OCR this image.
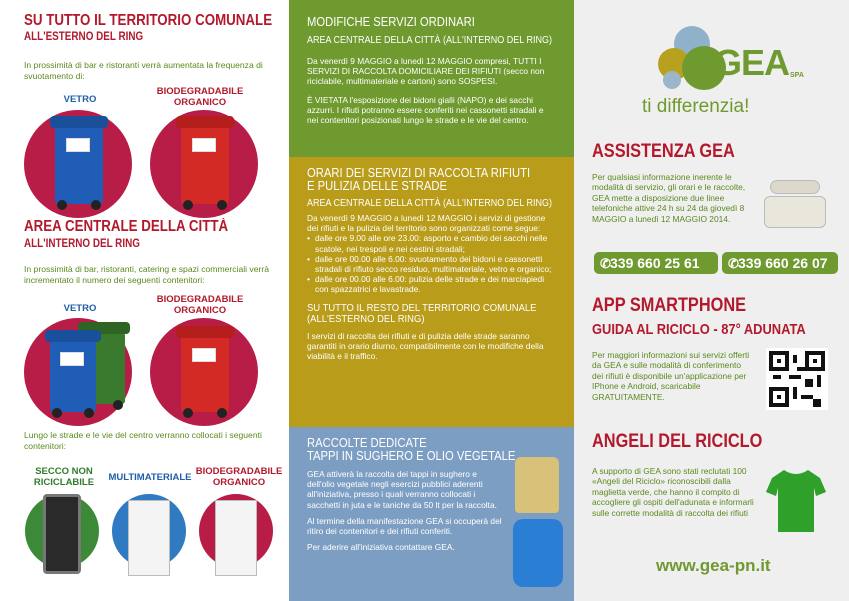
SU TUTTO IL TERRITORIO COMUNALE
ALL'ESTERNO DEL RING
In prossimità di bar e ristoranti verrà aumentata la frequenza di svuotamento di:
VETRO
BIODEGRADABILE ORGANICO
AREA CENTRALE DELLA CITTÀ
ALL'INTERNO DEL RING
In prossimità di bar, ristoranti, catering e spazi commerciali verrà incrementato il numero dei seguenti contenitori:
VETRO
BIODEGRADABILE ORGANICO
Lungo le strade e le vie del centro verranno collocati i seguenti contenitori:
SECCO NON RICICLABILE	MULTIMATERIALE
BIODEGRADABILE ORGANICO
MODIFICHE SERVIZI ORDINARI
AREA CENTRALE DELLA CITTÀ (ALL'INTERNO DEL RING)
Da venerdì 9 MAGGIO a lunedì 12 MAGGIO compresi, TUTTI I SERVIZI DI RACCOLTA DOMICILIARE DEI RIFIUTI (secco non riciclabile, multimateriale e cartoni) sono SOSPESI.
È VIETATA l'esposizione dei bidoni gialli (NAPO) e dei sacchi azzurri. I rifiuti potranno essere conferiti nei cassonetti stradali e nei contenitori posizionati lungo le strade e le vie del centro.
ORARI DEI SERVIZI DI RACCOLTA RIFIUTI
E PULIZIA DELLE STRADE
AREA CENTRALE DELLA CITTÀ (ALL'INTERNO DEL RING)
Da venerdì 9 MAGGIO a lunedì 12 MAGGIO i servizi di gestione dei rifiuti e la pulizia del territorio sono organizzati come segue:
• dalle ore 9.00 alle ore 23.00: asporto e cambio dei sacchi nelle scatole, nei trespoli e nei cestini stradali;
• dalle ore 00.00 alle 6.00: svuotamento dei bidoni e cassonetti stradali di rifiuto secco residuo, multimateriale, vetro e organico;
• dalle ore 00.00 alle 6.00: pulizia delle strade e dei marciapiedi con spazzatrici e lavastrade.
SU TUTTO IL RESTO DEL TERRITORIO COMUNALE
(ALL'ESTERNO DEL RING)
I servizi di raccolta dei rifiuti e di pulizia delle strade saranno garantiti in orario diurno, compatibilmente con le modifiche della viabilità e il traffico.
RACCOLTE DEDICATE
TAPPI IN SUGHERO E OLIO VEGETALE
GEA attiverà la raccolta dei tappi in sughero e dell'olio vegetale negli esercizi pubblici aderenti all'iniziativa, presso i quali verranno collocati i sacchetti in juta e le taniche da 50 lt per la raccolta.
Al termine della manifestazione GEA si occuperà del ritiro dei contenitori e dei rifiuti conferiti.
Per aderire all'iniziativa contattare GEA.
GEA SPA
ti differenzia!
ASSISTENZA GEA
Per qualsiasi informazione inerente le modalità di servizio, gli orari e le raccolte, GEA mette a disposizione due linee telefoniche attive 24 h su 24 da giovedì 8 MAGGIO a lunedì 12 MAGGIO 2014.
✆339 660 25 61	✆339 660 26 07
APP SMARTPHONE
GUIDA AL RICICLO - 87° ADUNATA
Per maggiori informazioni sui servizi offerti da GEA e sulle modalità di conferimento dei rifiuti è disponibile un'applicazione per IPhone e Android, scaricabile GRATUITAMENTE.
ANGELI DEL RICICLO
A supporto di GEA sono stati reclutati 100 «Angeli del Riciclo» riconoscibili dalla maglietta verde, che hanno il compito di accogliere gli ospiti dell'adunata e informarli sulle corrette modalità di raccolta dei rifiuti
www.gea-pn.it
